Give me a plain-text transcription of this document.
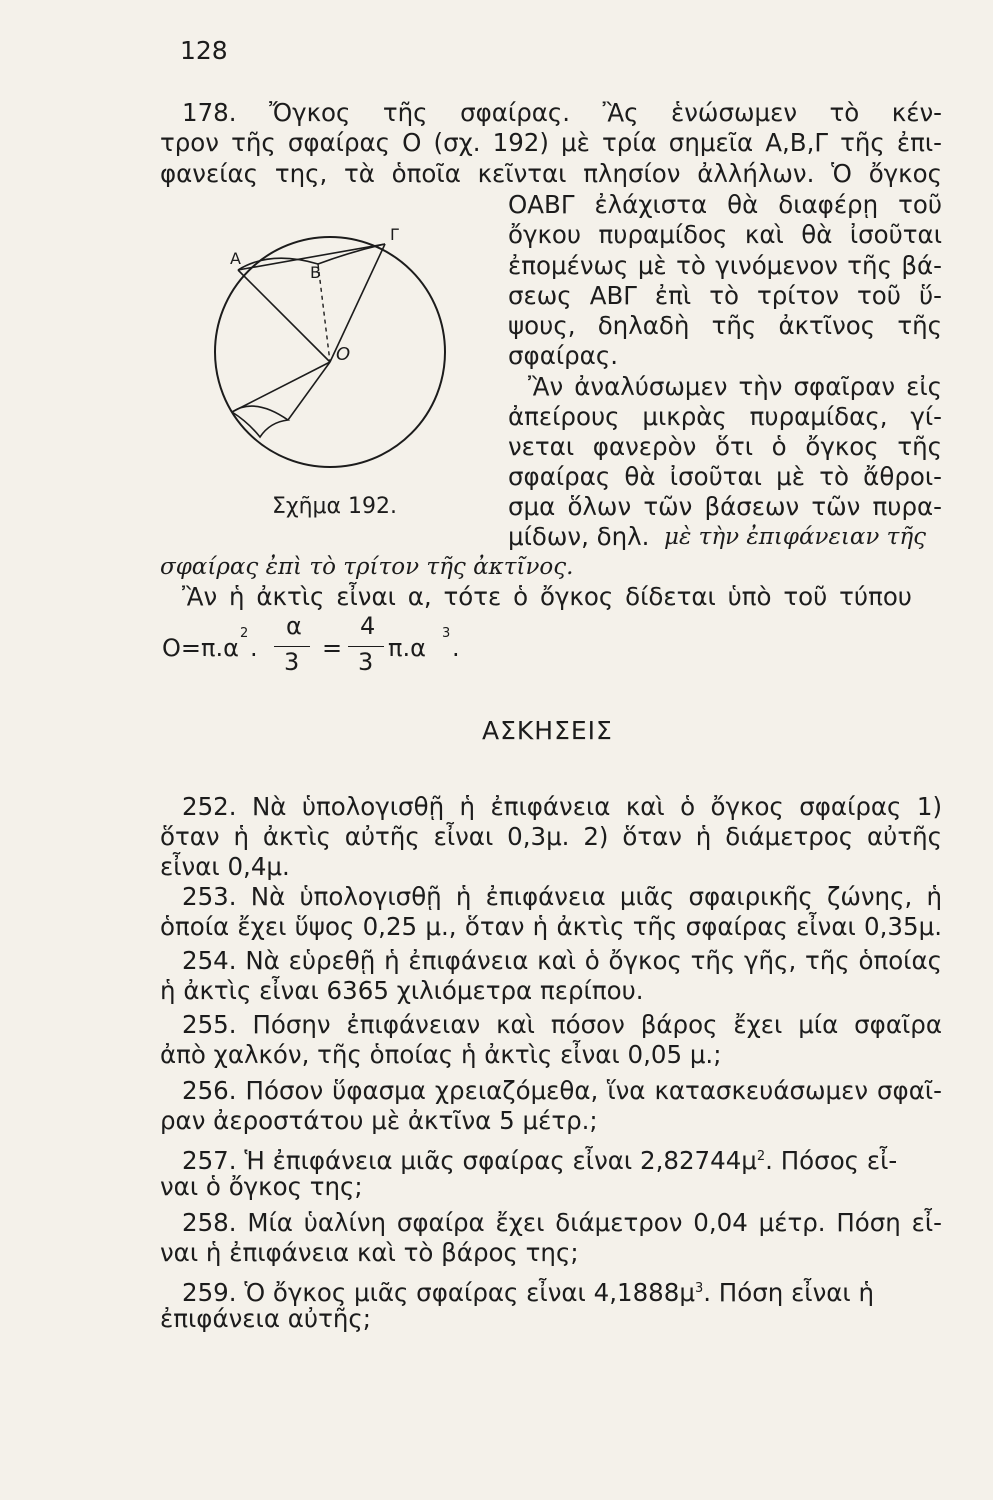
128
178. Ὄγκος τῆς σφαίρας. Ἂς ἑνώσωμεν τὸ κέν-
τρον τῆς σφαίρας Ο (σχ. 192) μὲ τρία σημεῖα Α,Β,Γ τῆς ἐπι-
φανείας της, τὰ ὁποῖα κεῖνται πλησίον ἀλλήλων. Ὁ ὄγκος
ΟΑΒΓ ἐλάχιστα θὰ διαφέρῃ τοῦ
ὄγκου πυραμίδος καὶ θὰ ἰσοῦται
ἐπομένως μὲ τὸ γινόμενον τῆς βά-
σεως ΑΒΓ ἐπὶ τὸ τρίτον τοῦ ὕ-
ψους, δηλαδὴ τῆς ἀκτῖνος τῆς
σφαίρας.
Ἂν ἀναλύσωμεν τὴν σφαῖραν εἰς
ἀπείρους μικρὰς πυραμίδας, γί-
νεται φανερὸν ὅτι ὁ ὄγκος τῆς
σφαίρας θὰ ἰσοῦται μὲ τὸ ἄθροι-
σμα ὅλων τῶν βάσεων τῶν πυρα-
μίδων, δηλ. μὲ τὴν ἐπιφάνειαν τῆς
σφαίρας ἐπὶ τὸ τρίτον τῆς ἀκτῖνος.
Ἂν ἡ ἀκτὶς εἶναι α, τότε ὁ ὄγκος δίδεται ὑπὸ τοῦ τύπου
Α
Β
Γ
Ο
Σχῆμα 192.
Ο=π.α
2
.
α
3 =
4
3 π.α
3
.
ΑΣΚΗΣΕΙΣ
252. Νὰ ὑπολογισθῇ ἡ ἐπιφάνεια καὶ ὁ ὄγκος σφαίρας 1)
ὅταν ἡ ἀκτὶς αὐτῆς εἶναι 0,3μ. 2) ὅταν ἡ διάμετρος αὐτῆς
εἶναι 0,4μ.
253. Νὰ ὑπολογισθῇ ἡ ἐπιφάνεια μιᾶς σφαιρικῆς ζώνης, ἡ
ὁποία ἔχει ὕψος 0,25 μ., ὅταν ἡ ἀκτὶς τῆς σφαίρας εἶναι 0,35μ.
254. Νὰ εὑρεθῇ ἡ ἐπιφάνεια καὶ ὁ ὄγκος τῆς γῆς, τῆς ὁποίας
ἡ ἀκτὶς εἶναι 6365 χιλιόμετρα περίπου.
255. Πόσην ἐπιφάνειαν καὶ πόσον βάρος ἔχει μία σφαῖρα
ἀπὸ χαλκόν, τῆς ὁποίας ἡ ἀκτὶς εἶναι 0,05 μ.;
256. Πόσον ὕφασμα χρειαζόμεθα, ἵνα κατασκευάσωμεν σφαῖ-
ραν ἀεροστάτου μὲ ἀκτῖνα 5 μέτρ.;
257. Ἡ ἐπιφάνεια μιᾶς σφαίρας εἶναι $2,82744\mu^2$. Πόσος εἶ-
ναι ὁ ὄγκος της;
258. Μία ὑαλίνη σφαίρα ἔχει διάμετρον 0,04 μέτρ. Πόση εἶ-
ναι ἡ ἐπιφάνεια καὶ τὸ βάρος της;
259. Ὁ ὄγκος μιᾶς σφαίρας εἶναι $4,1888\mu^3$. Πόση εἶναι ἡ
ἐπιφάνεια αὐτῆς;
